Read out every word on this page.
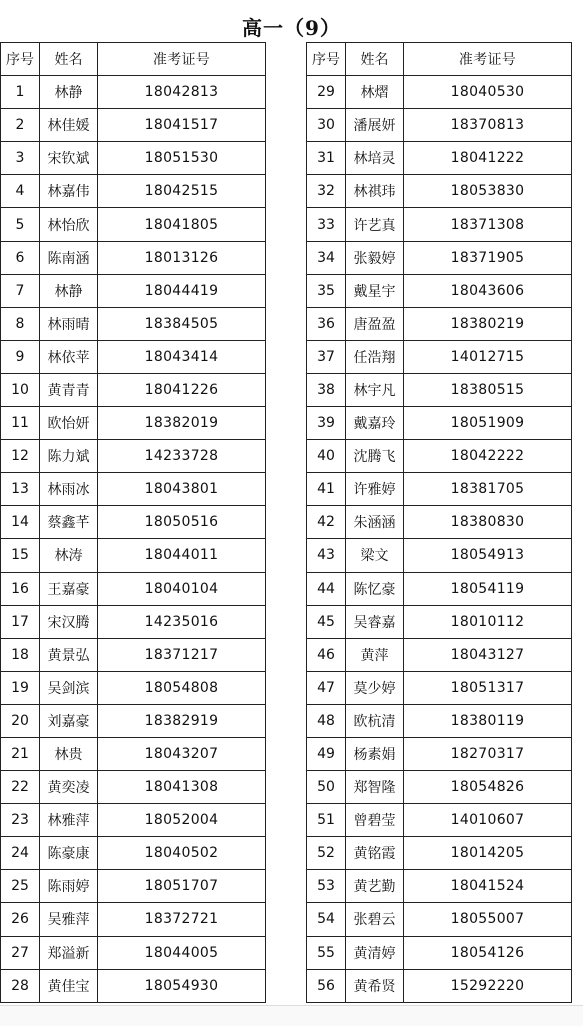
高一（9）
序号	姓名	准考证号
1	林静	18042813
2	林佳媛	18041517
3	宋钦斌	18051530
4	林嘉伟	18042515
5	林怡欣	18041805
6	陈南涵	18013126
7	林静	18044419
8	林雨晴	18384505
9	林依苹	18043414
10	黄青青	18041226
11	欧怡妍	18382019
12	陈力斌	14233728
13	林雨冰	18043801
14	蔡鑫芊	18050516
15	林涛	18044011
16	王嘉豪	18040104
17	宋汉腾	14235016
18	黄景弘	18371217
19	吴剑滨	18054808
20	刘嘉豪	18382919
21	林贵	18043207
22	黄奕凌	18041308
23	林雅萍	18052004
24	陈豪康	18040502
25	陈雨婷	18051707
26	吴雅萍	18372721
27	郑溢新	18044005
28	黄佳宝	18054930
序号	姓名	准考证号
29	林熠	18040530
30	潘展妍	18370813
31	林培灵	18041222
32	林祺玮	18053830
33	许艺真	18371308
34	张毅婷	18371905
35	戴星宇	18043606
36	唐盈盈	18380219
37	任浩翔	14012715
38	林宇凡	18380515
39	戴嘉玲	18051909
40	沈腾飞	18042222
41	许雅婷	18381705
42	朱涵涵	18380830
43	梁文	18054913
44	陈忆豪	18054119
45	吴睿嘉	18010112
46	黄萍	18043127
47	莫少婷	18051317
48	欧杭清	18380119
49	杨素娟	18270317
50	郑智隆	18054826
51	曾碧莹	14010607
52	黄铭霞	18014205
53	黄艺勤	18041524
54	张碧云	18055007
55	黄清婷	18054126
56	黄希贤	15292220
